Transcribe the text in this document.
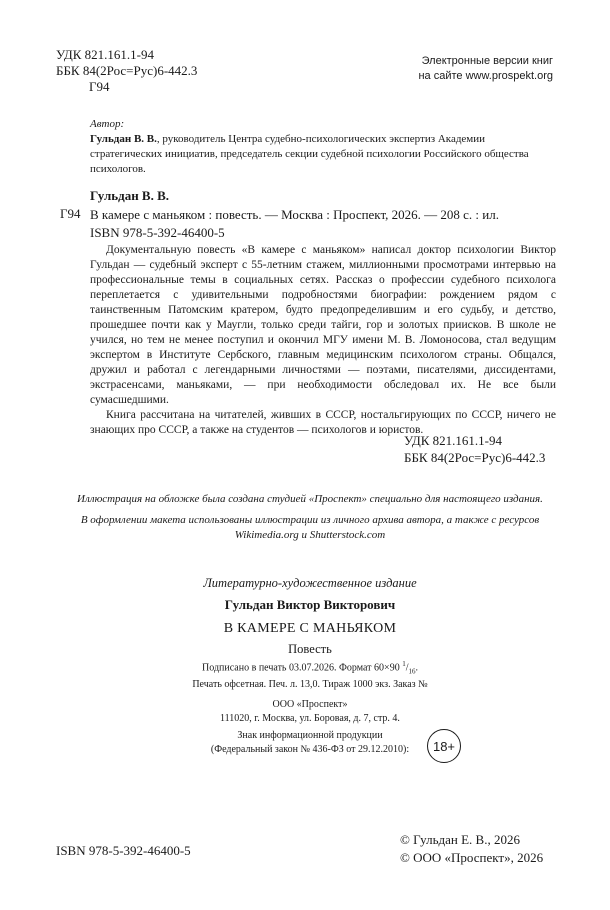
УДК 821.161.1-94
ББК 84(2Рос=Рус)6-442.3
Г94
Электронные версии книг
на сайте www.prospekt.org
Автор:
Гульдан В. В., руководитель Центра судебно-психологических экспертиз Академии стратегических инициатив, председатель секции судебной психологии Российского общества психологов.
Гульдан В. В.
Г94 В камере с маньяком : повесть. — Москва : Проспект, 2026. — 208 с. : ил.
ISBN 978-5-392-46400-5

Документальную повесть «В камере с маньяком» написал доктор психологии Виктор Гульдан — судебный эксперт с 55-летним стажем, миллионными просмотрами интервью на профессиональные темы в социальных сетях. Рассказ о профессии судебного психолога переплетается с удивительными подробностями биографии: рождением рядом с таинственным Патомским кратером, будто предопределившим и его судьбу, и детство, прошедшее почти как у Маугли, только среди тайги, гор и золотых приисков. В школе не учился, но тем не менее поступил и окончил МГУ имени М. В. Ломоносова, стал ведущим экспертом в Институте Сербского, главным медицинским психологом страны. Общался, дружил и работал с легендарными личностями — поэтами, писателями, диссидентами, экстрасенсами, маньяками, — при необходимости обследовал их. Не все были сумасшедшими.

Книга рассчитана на читателей, живших в СССР, ностальгирующих по СССР, ничего не знающих про СССР, а также на студентов — психологов и юристов.

УДК 821.161.1-94
ББК 84(2Рос=Рус)6-442.3

Иллюстрация на обложке была создана студией «Проспект» специально для настоящего издания.

В оформлении макета использованы иллюстрации из личного архива автора, а также с ресурсов Wikimedia.org и Shutterstock.com

Литературно-художественное издание
Гульдан Виктор Викторович
В КАМЕРЕ С МАНЬЯКОМ
Повесть
Подписано в печать 03.07.2026. Формат 60×90 $^1/_{16}$.
Печать офсетная. Печ. л. 13,0. Тираж 1000 экз. Заказ №
ООО «Проспект»
111020, г. Москва, ул. Боровая, д. 7, стр. 4.
Знак информационной продукции
(Федеральный закон № 436-ФЗ от 29.12.2010):	18+
ISBN 978-5-392-46400-5
© Гульдан Е. В., 2026
© ООО «Проспект», 2026
